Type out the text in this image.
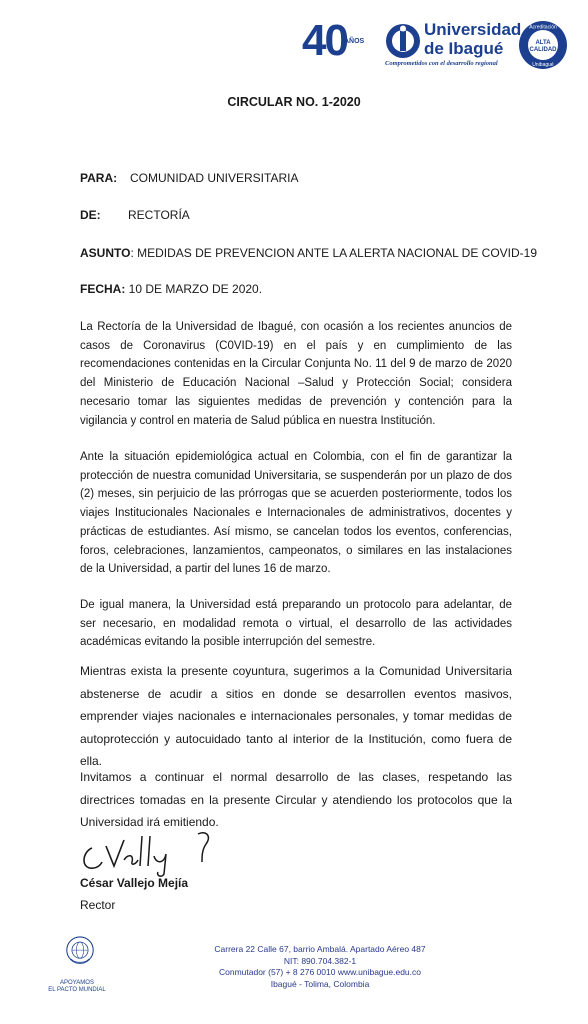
40
AÑOS
Universidad
de Ibagué
Comprometidos con el desarrollo regional
Acreditación
ALTA
CALIDAD
Unibagué
CIRCULAR NO. 1-2020
PARA: COMUNIDAD UNIVERSITARIA
DE: RECTORÍA
ASUNTO: MEDIDAS DE PREVENCION ANTE LA ALERTA NACIONAL DE COVID-19
FECHA: 10 DE MARZO DE 2020.
La Rectoría de la Universidad de Ibagué, con ocasión a los recientes anuncios de casos de Coronavirus (C0VID-19) en el país y en cumplimiento de las recomendaciones contenidas en la Circular Conjunta No. 11 del 9 de marzo de 2020 del Ministerio de Educación Nacional –Salud y Protección Social; considera necesario tomar las siguientes medidas de prevención y contención para la vigilancia y control en materia de Salud pública en nuestra Institución.
Ante la situación epidemiológica actual en Colombia, con el fin de garantizar la protección de nuestra comunidad Universitaria, se suspenderán por un plazo de dos (2) meses, sin perjuicio de las prórrogas que se acuerden posteriormente, todos los viajes Institucionales Nacionales e Internacionales de administrativos, docentes y prácticas de estudiantes. Así mismo, se cancelan todos los eventos, conferencias, foros, celebraciones, lanzamientos, campeonatos, o similares en las instalaciones de la Universidad, a partir del lunes 16 de marzo.
De igual manera, la Universidad está preparando un protocolo para adelantar, de ser necesario, en modalidad remota o virtual, el desarrollo de las actividades académicas evitando la posible interrupción del semestre.
Mientras exista la presente coyuntura, sugerimos a la Comunidad Universitaria abstenerse de acudir a sitios en donde se desarrollen eventos masivos, emprender viajes nacionales e internacionales personales, y tomar medidas de autoprotección y autocuidado tanto al interior de la Institución, como fuera de ella.
Invitamos a continuar el normal desarrollo de las clases, respetando las directrices tomadas en la presente Circular y atendiendo los protocolos que la Universidad irá emitiendo.
César Vallejo Mejía
Rector
APOYAMOS
EL PACTO MUNDIAL
Carrera 22 Calle 67, barrio Ambalá. Apartado Aéreo 487
NIT: 890.704.382-1
Conmutador (57) + 8 276 0010 www.unibague.edu.co
Ibagué - Tolima, Colombia
